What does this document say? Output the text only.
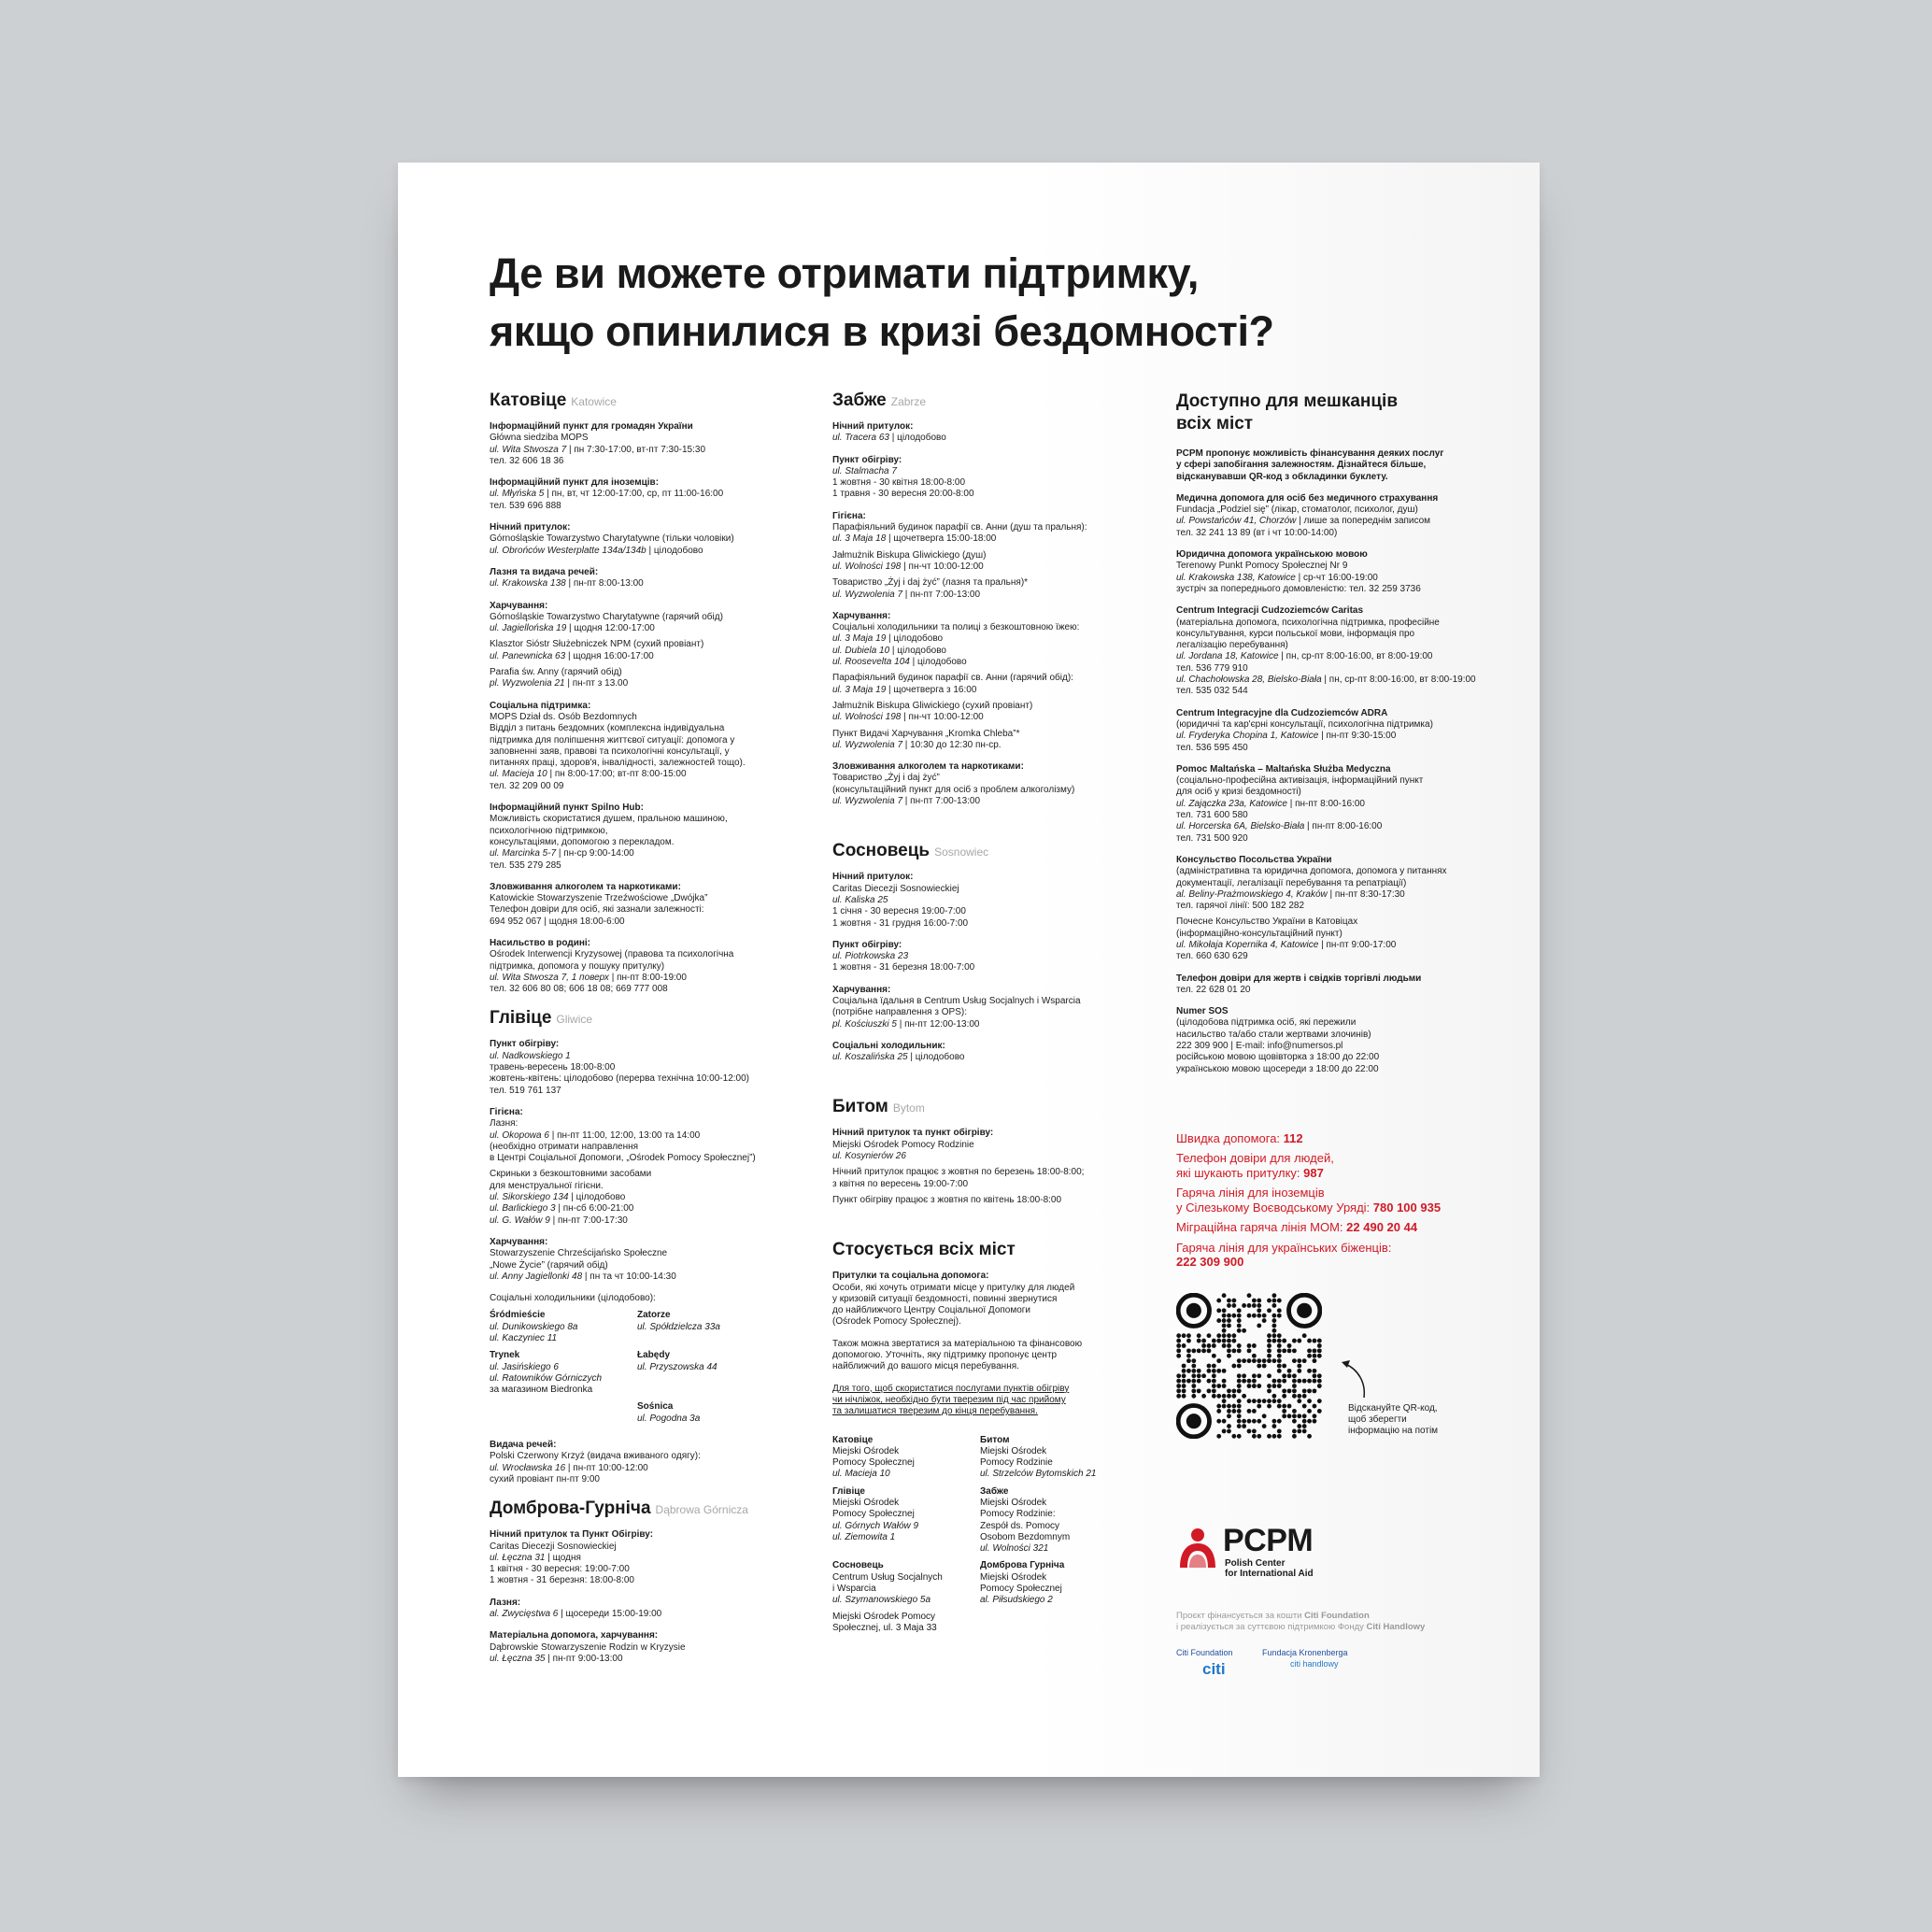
Де ви можете отримати підтримку,
якщо опинилися в кризі бездомності?
Катовіце Katowice
Інформаційний пункт для громадян України
Główna siedziba MOPS
ul. Wita Stwosza 7 | пн 7:30-17:00, вт-пт 7:30-15:30
тел. 32 606 18 36
Інформаційний пункт для іноземців:
ul. Młyńska 5 | пн, вт, чт 12:00-17:00, ср, пт 11:00-16:00
тел. 539 696 888
Нічний притулок:
Górnośląskie Towarzystwo Charytatywne (тільки чоловіки)
ul. Obrońców Westerplatte 134a/134b | цілодобово
Лазня та видача речей:
ul. Krakowska 138 | пн-пт 8:00-13:00
Харчування:
Górnośląskie Towarzystwo Charytatywne (гарячий обід)
ul. Jagiellońska 19 | щодня 12:00-17:00
Klasztor Sióstr Służebniczek NPM (сухий провіант)
ul. Panewnicka 63 | щодня 16:00-17:00
Parafia św. Anny (гарячий обід)
pl. Wyzwolenia 21 | пн-пт з 13.00
Соціальна підтримка:
MOPS Dział ds. Osób Bezdomnych
Відділ з питань бездомних (комплексна індивідуальна
підтримка для поліпшення життєвої ситуації: допомога у
заповненні заяв, правові та психологічні консультації, у
питаннях праці, здоров'я, інвалідності, залежностей тощо).
ul. Macieja 10 | пн 8:00-17:00; вт-пт 8:00-15:00
тел. 32 209 00 09
Інформаційний пункт Spilno Hub:
Можливість скористатися душем, пральною машиною,
психологічною підтримкою,
консультаціями, допомогою з перекладом.
ul. Marcinka 5-7 | пн-ср 9:00-14:00
тел. 535 279 285
Зловживання алкоголем та наркотиками:
Katowickie Stowarzyszenie Trzeźwościowe „Dwójka”
Телефон довіри для осіб, які зазнали залежності:
694 952 067 | щодня 18:00-6:00
Насильство в родині:
Ośrodek Interwencji Kryzysowej (правова та психологічна
підтримка, допомога у пошуку притулку)
ul. Wita Stwosza 7, 1 поверх | пн-пт 8:00-19:00
тел. 32 606 80 08; 606 18 08; 669 777 008
Глівіце Gliwice
Пункт обігріву:
ul. Nadkowskiego 1
травень-вересень 18:00-8:00
жовтень-квітень: цілодобово (перерва технічна 10:00-12:00)
тел. 519 761 137
Гігієна:
Лазня:
ul. Okopowa 6 | пн-пт 11:00, 12:00, 13:00 та 14:00
(необхідно отримати направлення
в Центрі Соціальної Допомоги, „Ośrodek Pomocy Społecznej”)
Скриньки з безкоштовними засобами
для менструальної гігієни.
ul. Sikorskiego 134 | цілодобово
ul. Barlickiego 3 | пн-сб 6:00-21:00
ul. G. Wałów 9 | пн-пт 7:00-17:30
Харчування:
Stowarzyszenie Chrześcijańsko Społeczne
„Nowe Życie” (гарячий обід)
ul. Anny Jagiellonki 48 | пн та чт 10:00-14:30
Соціальні холодильники (цілодобово):
Śródmieście
ul. Dunikowskiego 8a
ul. Kaczyniec 11
Zatorze
ul. Spółdzielcza 33a
Trynek
ul. Jasińskiego 6
ul. Ratowników Górniczych
за магазином Biedronka
Łabędy
ul. Przyszowska 44
Sośnica
ul. Pogodna 3a
Видача речей:
Polski Czerwony Krzyż (видача вживаного одягу):
ul. Wrocławska 16 | пн-пт 10:00-12:00
сухий провіант пн-пт 9:00
Домброва-Гурніча Dąbrowa Górnicza
Нічний притулок та Пункт Обігріву:
Caritas Diecezji Sosnowieckiej
ul. Łęczna 31 | щодня
1 квітня - 30 вересня: 19:00-7:00
1 жовтня - 31 березня: 18:00-8:00
Лазня:
al. Zwycięstwa 6 | щосереди 15:00-19:00
Матеріальна допомога, харчування:
Dąbrowskie Stowarzyszenie Rodzin w Kryzysie
ul. Łęczna 35 | пн-пт 9:00-13:00
Забже Zabrze
Нічний притулок:
ul. Tracera 63 | цілодобово
Пункт обігріву:
ul. Stalmacha 7
1 жовтня - 30 квітня 18:00-8:00
1 травня - 30 вересня 20:00-8:00
Гігієна:
Парафіяльний будинок парафії св. Анни (душ та пральня):
ul. 3 Maja 18 | щочетверга 15:00-18:00
Jałmużnik Biskupa Gliwickiego (душ)
ul. Wolności 198 | пн-чт 10:00-12:00
Товариство „Żyj i daj żyć” (лазня та пральня)*
ul. Wyzwolenia 7 | пн-пт 7:00-13:00
Харчування:
Соціальні холодильники та полиці з безкоштовною їжею:
ul. 3 Maja 19 | цілодобово
ul. Dubiela 10 | цілодобово
ul. Roosevelta 104 | цілодобово
Парафіяльний будинок парафії св. Анни (гарячий обід):
ul. 3 Maja 19 | щочетверга з 16:00
Jałmużnik Biskupa Gliwickiego (сухий провіант)
ul. Wolności 198 | пн-чт 10:00-12:00
Пункт Видачі Харчування „Kromka Chleba”*
ul. Wyzwolenia 7 | 10:30 до 12:30 пн-ср.
Зловживання алкоголем та наркотиками:
Товариство „Żyj i daj żyć”
(консультаційний пункт для осіб з проблем алкоголізму)
ul. Wyzwolenia 7 | пн-пт 7:00-13:00
Сосновець Sosnowiec
Нічний притулок:
Caritas Diecezji Sosnowieckiej
ul. Kaliska 25
1 січня - 30 вересня 19:00-7:00
1 жовтня - 31 грудня 16:00-7:00
Пункт обігріву:
ul. Piotrkowska 23
1 жовтня - 31 березня 18:00-7:00
Харчування:
Соціальна їдальня в Centrum Usług Socjalnych i Wsparcia
(потрібне направлення з OPS):
pl. Kościuszki 5 | пн-пт 12:00-13:00
Соціальні холодильник:
ul. Koszalińska 25 | цілодобово
Битом Bytom
Нічний притулок та пункт обігріву:
Miejski Ośrodek Pomocy Rodzinie
ul. Kosynierów 26
Нічний притулок працює з жовтня по березень 18:00-8:00;
з квітня по вересень 19:00-7:00
Пункт обігріву працює з жовтня по квітень 18:00-8:00
Стосується всіх міст
Притулки та соціальна допомога:
Особи, які хочуть отримати місце у притулку для людей
у кризовій ситуації бездомності, повинні звернутися
до найближчого Центру Соціальної Допомоги
(Ośrodek Pomocy Społecznej).
Також можна звертатися за матеріальною та фінансовою
допомогою. Уточніть, яку підтримку пропонує центр
найближчий до вашого місця перебування.
Для того, щоб скористатися послугами пунктів обігріву
чи нічліжок, необхідно бути тверезим під час прийому
та залишатися тверезим до кінця перебування.
Катовіце
Miejski Ośrodek
Pomocy Społecznej
ul. Macieja 10
Битом
Miejski Ośrodek
Pomocy Rodzinie
ul. Strzelców Bytomskich 21
Глівіце
Miejski Ośrodek
Pomocy Społecznej
ul. Górnych Wałów 9
ul. Ziemowita 1
Забже
Miejski Ośrodek
Pomocy Rodzinie:
Zespół ds. Pomocy
Osobom Bezdomnym
ul. Wolności 321
Сосновець
Centrum Usług Socjalnych
i Wsparcia
ul. Szymanowskiego 5a
Miejski Ośrodek Pomocy
Społecznej, ul. 3 Maja 33
Домброва Гурніча
Miejski Ośrodek
Pomocy Społecznej
al. Piłsudskiego 2
Доступно для мешканців
всіх міст
PCPM пропонує можливість фінансування деяких послуг
у сфері запобігання залежностям. Дізнайтеся більше,
відсканувавши QR-код з обкладинки буклету.
Медична допомога для осіб без медичного страхування
Fundacja „Podziel się” (лікар, стоматолог, психолог, душ)
ul. Powstańców 41, Chorzów | лише за попереднім записом
тел. 32 241 13 89 (вт і чт 10:00-14:00)
Юридична допомога українською мовою
Terenowy Punkt Pomocy Społecznej Nr 9
ul. Krakowska 138, Katowice | ср-чт 16:00-19:00
зустріч за попереднього домовленістю: тел. 32 259 3736
Centrum Integracji Cudzoziemców Caritas
(матеріальна допомога, психологічна підтримка, професійне
консультування, курси польської мови, інформація про
легалізацію перебування)
ul. Jordana 18, Katowice | пн, ср-пт 8:00-16:00, вт 8:00-19:00
тел. 536 779 910
ul. Chachołowska 28, Bielsko-Biała | пн, ср-пт 8:00-16:00, вт 8:00-19:00
тел. 535 032 544
Centrum Integracyjne dla Cudzoziemców ADRA
(юридичні та кар'єрні консультації, психологічна підтримка)
ul. Fryderyka Chopina 1, Katowice | пн-пт 9:30-15:00
тел. 536 595 450
Pomoc Maltańska – Maltańska Służba Medyczna
(соціально-професійна активізація, інформаційний пункт
для осіб у кризі бездомності)
ul. Zajączka 23a, Katowice | пн-пт 8:00-16:00
тел. 731 600 580
ul. Horcerska 6A, Bielsko-Biała | пн-пт 8:00-16:00
тел. 731 500 920
Консульство Посольства України
(адміністративна та юридична допомога, допомога у питаннях
документації, легалізації перебування та репатріації)
al. Beliny-Prażmowskiego 4, Kraków | пн-пт 8:30-17:30
тел. гарячої лінії: 500 182 282
Почесне Консульство України в Катовіцах
(інформаційно-консультаційний пункт)
ul. Mikołaja Kopernika 4, Katowice | пн-пт 9:00-17:00
тел. 660 630 629
Телефон довіри для жертв і свідків торгівлі людьми
тел. 22 628 01 20
Numer SOS
(цілодобова підтримка осіб, які пережили
насильство та/або стали жертвами злочинів)
222 309 900 | E-mail: info@numersos.pl
російською мовою щовівторка з 18:00 до 22:00
українською мовою щосереди з 18:00 до 22:00
Швидка допомога: 112
Телефон довіри для людей,
які шукають притулку: 987
Гаряча лінія для іноземців
у Сілезькому Воєводському Уряді: 780 100 935
Міграційна гаряча лінія МОМ: 22 490 20 44
Гаряча лінія для українських біженців:
222 309 900
Відскануйте QR-код,
щоб зберегти
інформацію на потім
PCPM
Polish Center
for International Aid
Проєкт фінансується за кошти Citi Foundation
і реалізується за суттєвою підтримкою Фонду Citi Handlowy
Citi Foundation
citi
Fundacja Kronenberga
citi handlowy
